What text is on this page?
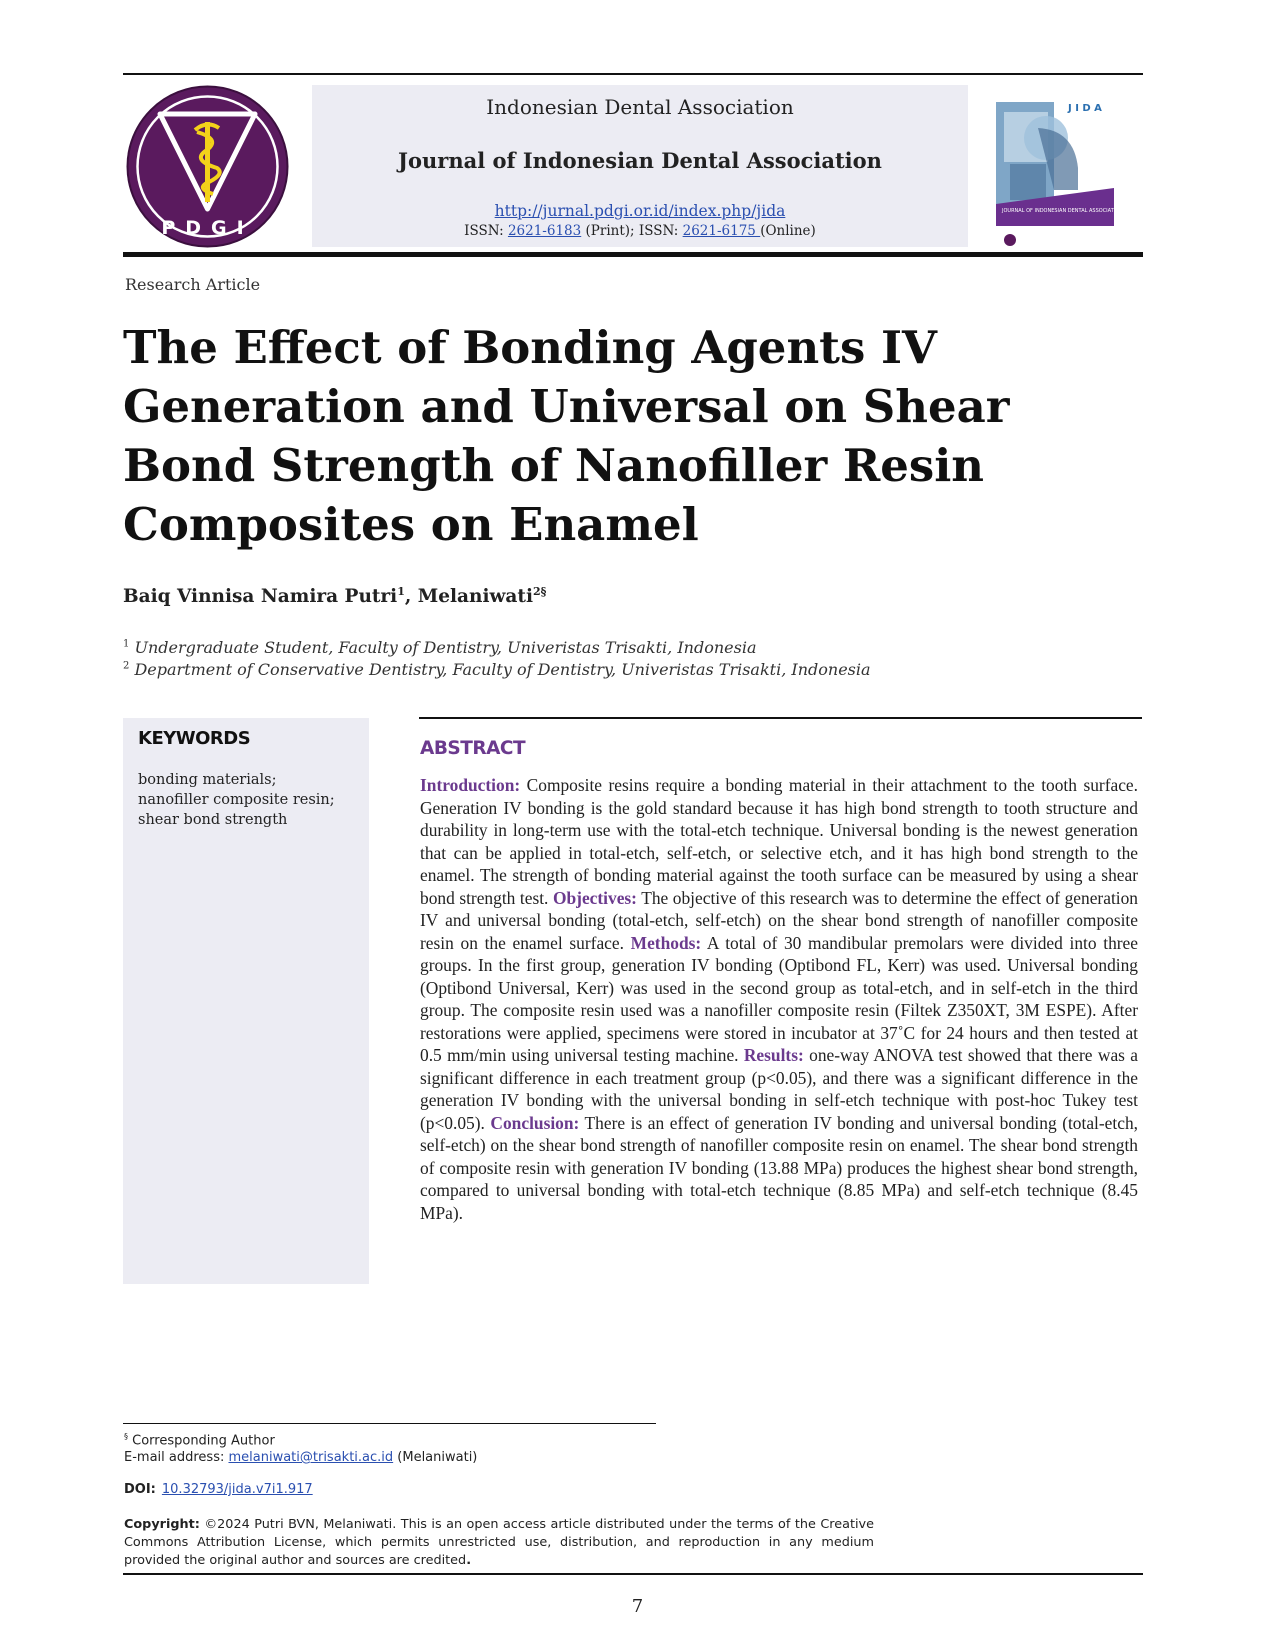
PDGI
Indonesian Dental Association
Journal of Indonesian Dental Association
http://jurnal.pdgi.or.id/index.php/jida
ISSN: 2621-6183 (Print); ISSN: 2621-6175 (Online)
J I D A
JOURNAL OF INDONESIAN DENTAL ASSOCIATION
Research Article
The Effect of Bonding Agents IV Generation and Universal on Shear Bond Strength of Nanofiller Resin Composites on Enamel
Baiq Vinnisa Namira Putri$^1$, Melaniwati$^{2\S}$
$^1$ Undergraduate Student, Faculty of Dentistry, Univeristas Trisakti, Indonesia
$^2$ Department of Conservative Dentistry, Faculty of Dentistry, Univeristas Trisakti, Indonesia
KEYWORDS
bonding materials;
nanofiller composite resin;
shear bond strength
ABSTRACT
Introduction: Composite resins require a bonding material in their attachment to the tooth surface. Generation IV bonding is the gold standard because it has high bond strength to tooth structure and durability in long-term use with the total-etch technique. Universal bonding is the newest generation that can be applied in total-etch, self-etch, or selective etch, and it has high bond strength to the enamel. The strength of bonding material against the tooth surface can be measured by using a shear bond strength test. Objectives: The objective of this research was to determine the effect of generation IV and universal bonding (total-etch, self-etch) on the shear bond strength of nanofiller composite resin on the enamel surface. Methods: A total of 30 mandibular premolars were divided into three groups. In the first group, generation IV bonding (Optibond FL, Kerr) was used. Universal bonding (Optibond Universal, Kerr) was used in the second group as total-etch, and in self-etch in the third group. The composite resin used was a nanofiller composite resin (Filtek Z350XT, 3M ESPE). After restorations were applied, specimens were stored in incubator at 37˚C for 24 hours and then tested at 0.5 mm/min using universal testing machine. Results: one-way ANOVA test showed that there was a significant difference in each treatment group (p<0.05), and there was a significant difference in the generation IV bonding with the universal bonding in self-etch technique with post-hoc Tukey test (p<0.05). Conclusion: There is an effect of generation IV bonding and universal bonding (total-etch, self-etch) on the shear bond strength of nanofiller composite resin on enamel. The shear bond strength of composite resin with generation IV bonding (13.88 MPa) produces the highest shear bond strength, compared to universal bonding with total-etch technique (8.85 MPa) and self-etch technique (8.45 MPa).
§ Corresponding Author
E-mail address: melaniwati@trisakti.ac.id (Melaniwati)
DOI: 10.32793/jida.v7i1.917
Copyright: ©2024 Putri BVN, Melaniwati. This is an open access article distributed under the terms of the Creative Commons Attribution License, which permits unrestricted use, distribution, and reproduction in any medium provided the original author and sources are credited.
7
